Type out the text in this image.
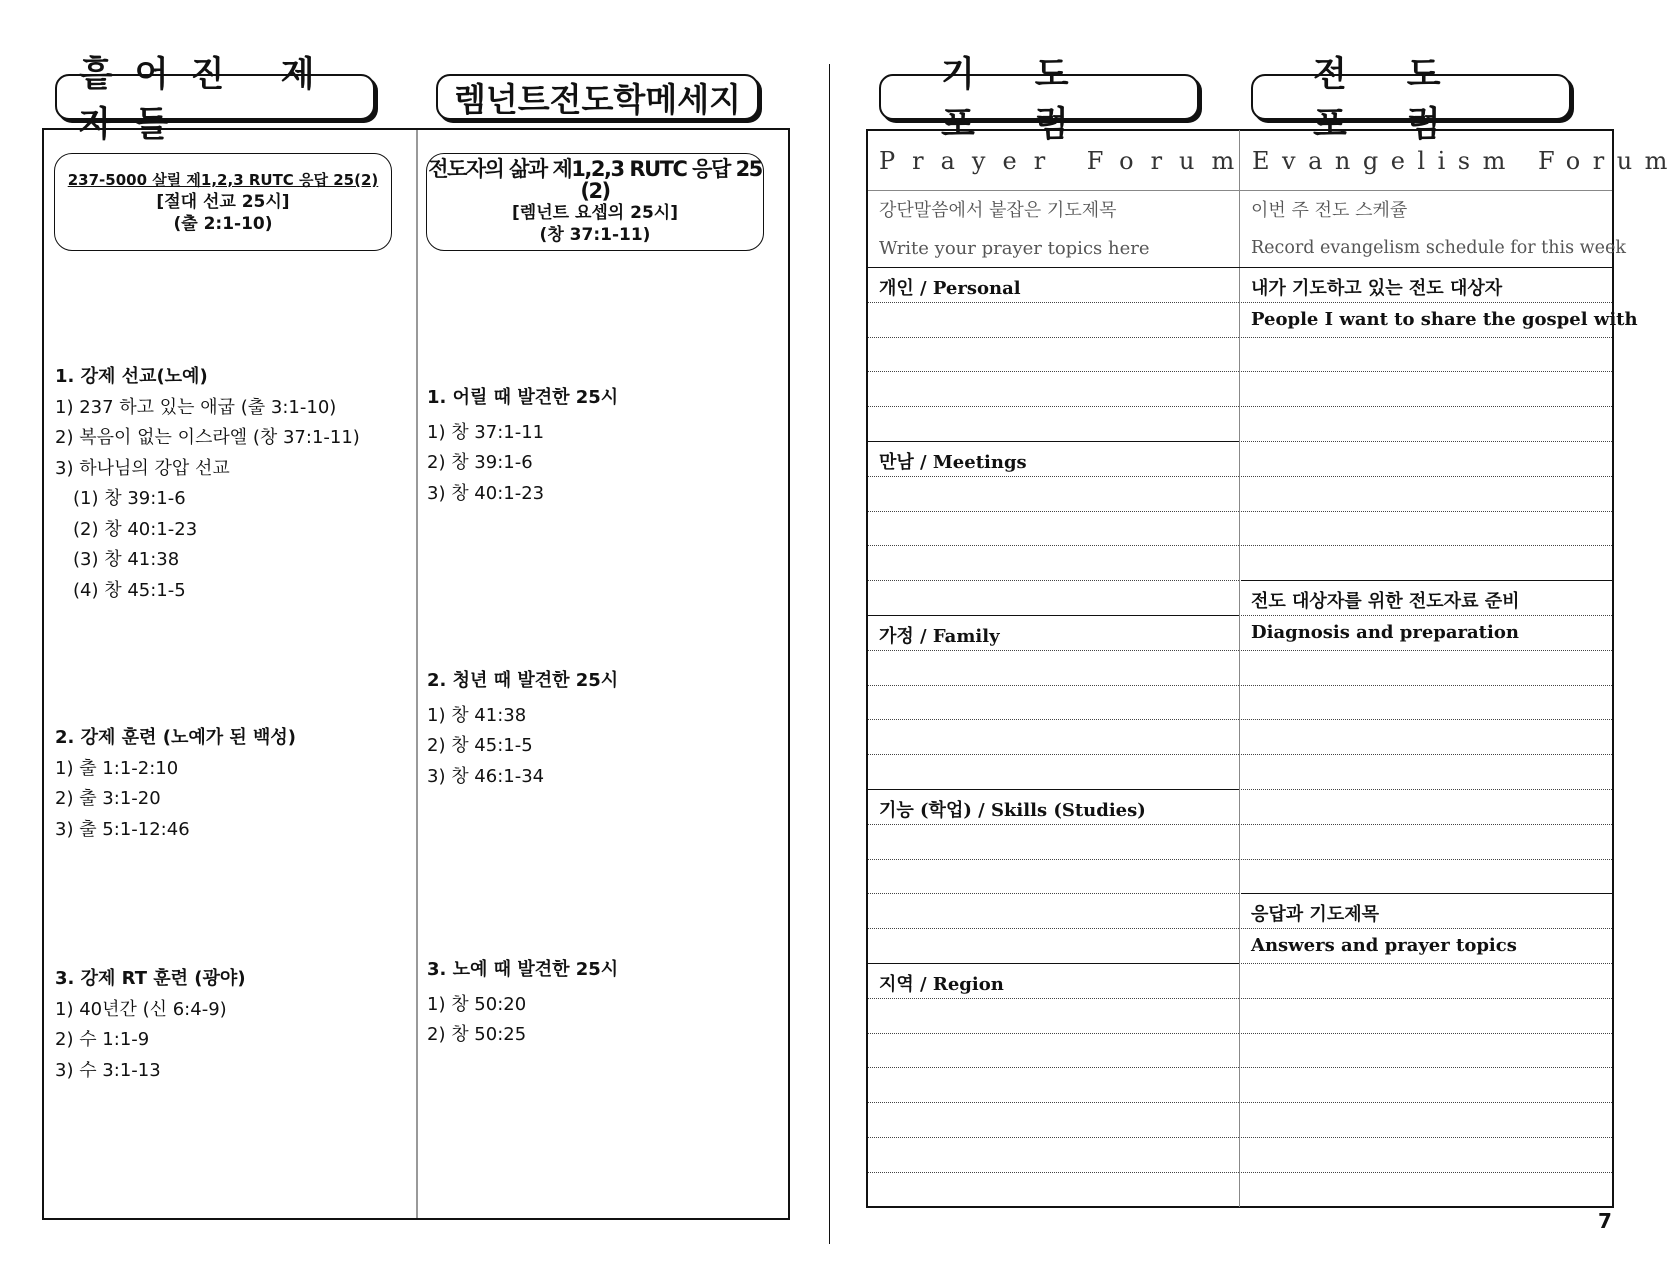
흩어진 제자들
렘넌트전도학메세지
기도포럼
전도포럼
237-5000 살릴 제1,2,3 RUTC 응답 25(2)
[절대 선교 25시]
(출 2:1-10)
전도자의 삶과 제1,2,3 RUTC 응답 25 (2)
[렘넌트 요셉의 25시]
(창 37:1-11)
1. 강제 선교(노예)
1) 237 하고 있는 애굽 (출 3:1-10)
2) 복음이 없는 이스라엘 (창 37:1-11)
3) 하나님의 강압 선교
(1) 창 39:1-6
(2) 창 40:1-23
(3) 창 41:38
(4) 창 45:1-5
2. 강제 훈련 (노예가 된 백성)
1) 출 1:1-2:10
2) 출 3:1-20
3) 출 5:1-12:46
3. 강제 RT 훈련 (광야)
1) 40년간 (신 6:4-9)
2) 수 1:1-9
3) 수 3:1-13
1. 어릴 때 발견한 25시
1) 창 37:1-11
2) 창 39:1-6
3) 창 40:1-23
2. 청년 때 발견한 25시
1) 창 41:38
2) 창 45:1-5
3) 창 46:1-34
3. 노예 때 발견한 25시
1) 창 50:20
2) 창 50:25
Prayer Forum Evangelism Forum
강단말씀에서 붙잡은 기도제목
Write your prayer topics here
이번 주 전도 스케쥴
Record evangelism schedule for this week
개인 / Personal
만남 / Meetings
가정 / Family
기능 (학업) / Skills (Studies)
지역 / Region
내가 기도하고 있는 전도 대상자
People I want to share the gospel with
전도 대상자를 위한 전도자료 준비
Diagnosis and preparation
응답과 기도제목
Answers and prayer topics
7
